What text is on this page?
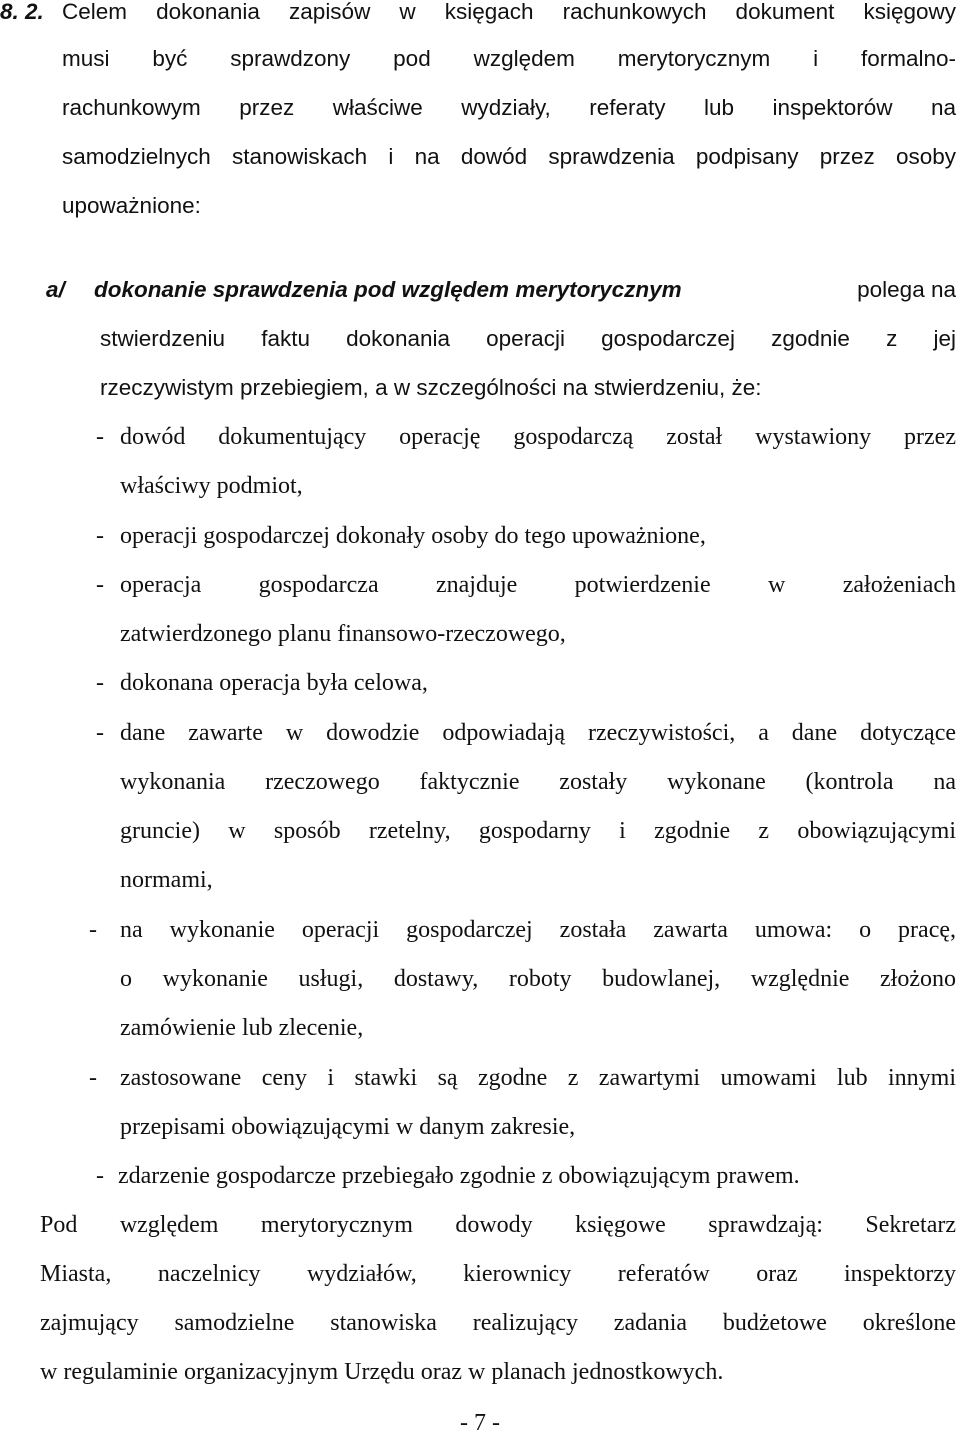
8. 2. Celem dokonania zapisów w księgach rachunkowych dokument księgowy
musi być sprawdzony pod względem merytorycznym i formalno-
rachunkowym przez właściwe wydziały, referaty lub inspektorów na
samodzielnych stanowiskach i na dowód sprawdzenia podpisany przez osoby
upoważnione:
a/ dokonanie sprawdzenia pod względem merytorycznym	polega na
stwierdzeniu faktu dokonania operacji gospodarczej zgodnie z jej
rzeczywistym przebiegiem, a w szczególności na stwierdzeniu, że:
- dowód dokumentujący operację gospodarczą został wystawiony przez
właściwy podmiot,
- operacji gospodarczej dokonały osoby do tego upoważnione,
- operacja gospodarcza znajduje potwierdzenie w założeniach
zatwierdzonego planu finansowo-rzeczowego,
- dokonana operacja była celowa,
- dane zawarte w dowodzie odpowiadają rzeczywistości, a dane dotyczące
wykonania rzeczowego faktycznie zostały wykonane (kontrola na
gruncie) w sposób rzetelny, gospodarny i zgodnie z obowiązującymi
normami,
- na wykonanie operacji gospodarczej została zawarta umowa: o pracę,
o wykonanie usługi, dostawy, roboty budowlanej, względnie złożono
zamówienie lub zlecenie,
- zastosowane ceny i stawki są zgodne z zawartymi umowami lub innymi
przepisami obowiązującymi w danym zakresie,
- zdarzenie gospodarcze przebiegało zgodnie z obowiązującym prawem.
Pod względem merytorycznym dowody księgowe sprawdzają: Sekretarz
Miasta, naczelnicy wydziałów, kierownicy referatów oraz inspektorzy
zajmujący samodzielne stanowiska realizujący zadania budżetowe określone
w regulaminie organizacyjnym Urzędu oraz w planach jednostkowych.
- 7 -
